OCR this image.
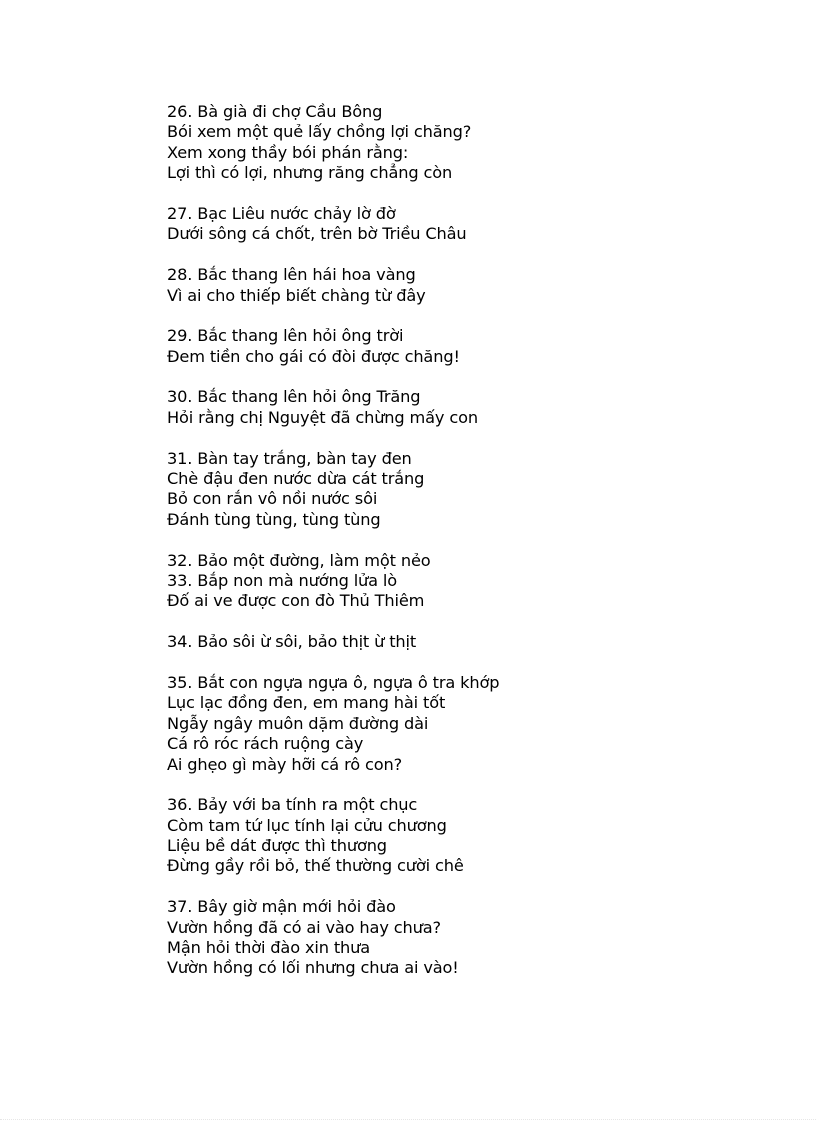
26. Bà già đi chợ Cầu Bông
Bói xem một quẻ lấy chồng lợi chăng?
Xem xong thầy bói phán rằng:
Lợi thì có lợi, nhưng răng chẳng còn
27. Bạc Liêu nước chảy lờ đờ
Dưới sông cá chốt, trên bờ Triều Châu
28. Bắc thang lên hái hoa vàng
Vì ai cho thiếp biết chàng từ đây
29. Bắc thang lên hỏi ông trời
Đem tiền cho gái có đòi được chăng!
30. Bắc thang lên hỏi ông Trăng
Hỏi rằng chị Nguyệt đã chừng mấy con
31. Bàn tay trắng, bàn tay đen
Chè đậu đen nước dừa cát trắng
Bỏ con rắn vô nồi nước sôi
Đánh tùng tùng, tùng tùng
32. Bảo một đường, làm một nẻo
33. Bắp non mà nướng lửa lò
Đố ai ve được con đò Thủ Thiêm
34. Bảo sôi ừ sôi, bảo thịt ừ thịt
35. Bắt con ngựa ngựa ô, ngựa ô tra khớp
Lục lạc đồng đen, em mang hài tốt
Ngẫy ngây muôn dặm đường dài
Cá rô róc rách ruộng cày
Ai ghẹo gì mày hỡi cá rô con?
36. Bảy với ba tính ra một chục
Còm tam tứ lục tính lại cửu chương
Liệu bề dát được thì thương
Đừng gầy rồi bỏ, thế thường cười chê
37. Bây giờ mận mới hỏi đào
Vườn hồng đã có ai vào hay chưa?
Mận hỏi thời đào xin thưa
Vườn hồng có lối nhưng chưa ai vào!
